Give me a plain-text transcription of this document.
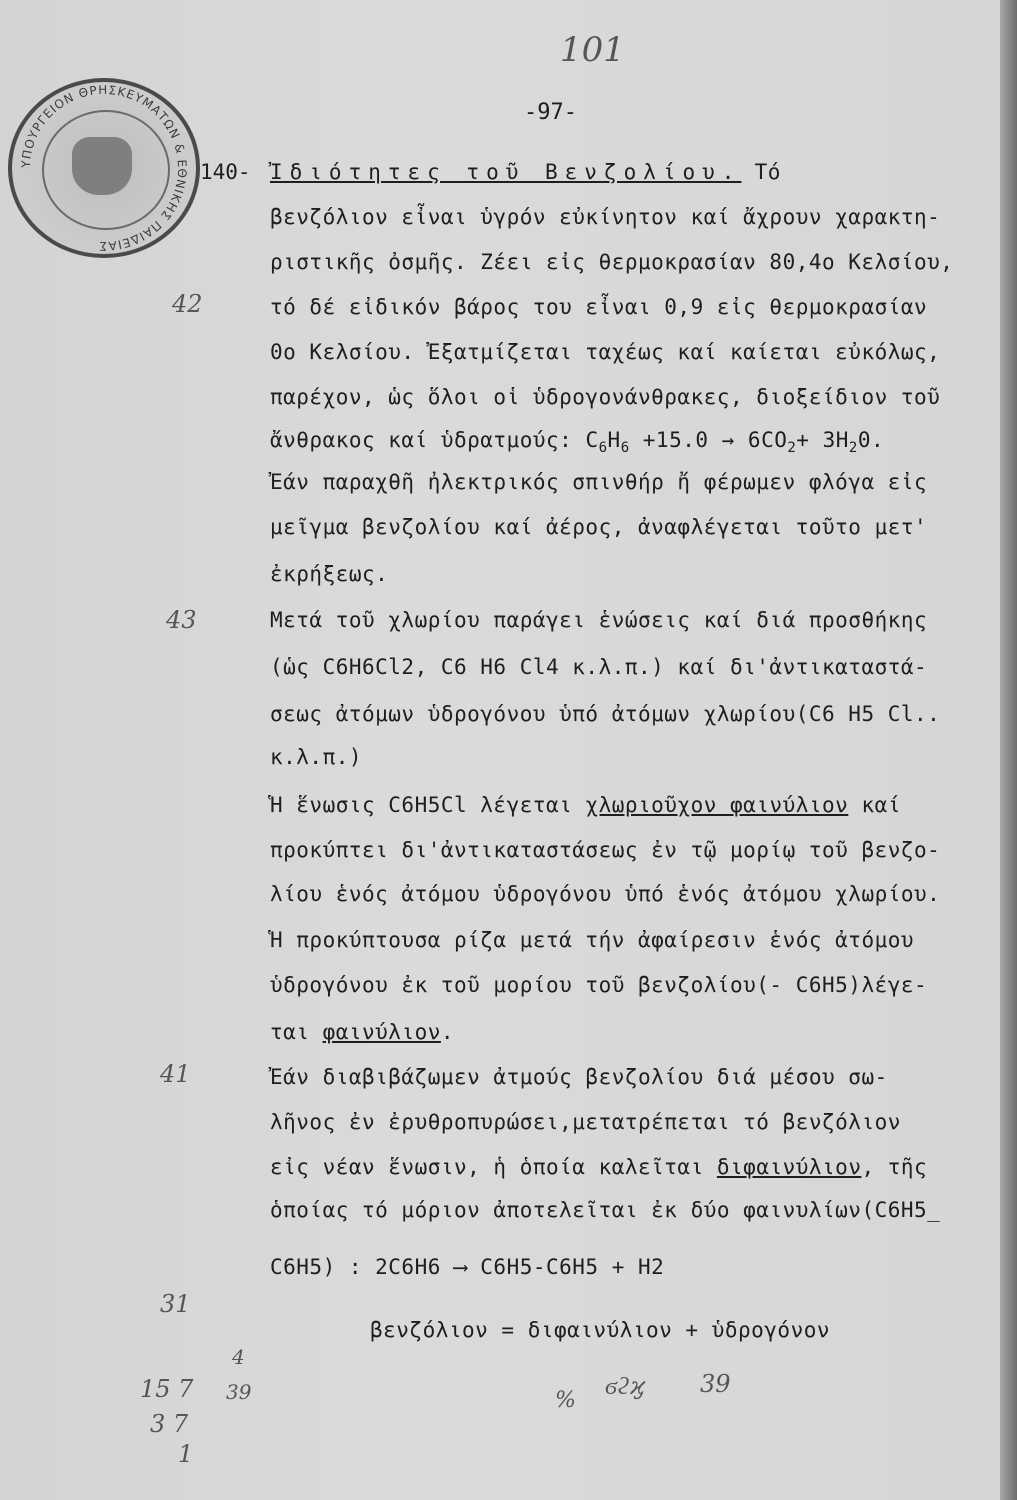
ΥΠΟΥΡΓΕΙΟΝ ΘΡΗΣΚΕΥΜΑΤΩΝ & ΕΘΝΙΚΗΣ ΠΑΙΔΕΙΑΣ
101
-97-
140- Ἰδιότητες τοῦ Βενζολίου. Τό
βενζόλιον εἶναι ὑγρόν εὐκίνητον καί ἄχρουν χαρακτη-
ριστικῆς ὀσμῆς. Ζέει εἰς θερμοκρασίαν 80,4ο Κελσίου,
τό δέ εἰδικόν βάρος του εἶναι 0,9 εἰς θερμοκρασίαν
0ο Κελσίου. Ἐξατμίζεται ταχέως καί καίεται εὐκόλως,
παρέχον, ὡς ὅλοι οἱ ὑδρογονάνθρακες, διοξείδιον τοῦ
ἄνθρακος καί ὑδρατμούς: $C_6H_6 +15.0 \to 6CO_2+ 3H_20$.
Ἐάν παραχθῆ ἠλεκτρικός σπινθήρ ἤ φέρωμεν φλόγα εἰς
μεῖγμα βενζολίου καί ἀέρος, ἀναφλέγεται τοῦτο μετ'
ἐκρήξεως.
Μετά τοῦ χλωρίου παράγει ἑνώσεις καί διά προσθήκης
(ὡς C6H6Cl2, C6 H6 Cl4 κ.λ.π.) καί δι'ἀντικαταστά-
σεως ἀτόμων ὑδρογόνου ὑπό ἀτόμων χλωρίου(C6 H5 Cl..
κ.λ.π.)
Ἡ ἕνωσις C6H5Cl λέγεται χλωριοῦχον φαινύλιον καί
προκύπτει δι'ἀντικαταστάσεως ἐν τῷ μορίῳ τοῦ βενζο-
λίου ἑνός ἀτόμου ὑδρογόνου ὑπό ἑνός ἀτόμου χλωρίου.
Ἡ προκύπτουσα ρίζα μετά τήν ἀφαίρεσιν ἑνός ἀτόμου
ὑδρογόνου ἐκ τοῦ μορίου τοῦ βενζολίου(- C6H5)λέγε-
ται φαινύλιον.
Ἐάν διαβιβάζωμεν ἀτμούς βενζολίου διά μέσου σω-
λῆνος ἐν ἐρυθροπυρώσει,μετατρέπεται τό βενζόλιον
εἰς νέαν ἕνωσιν, ἡ ὁποία καλεῖται διφαινύλιον, τῆς
ὁποίας τό μόριον ἀποτελεῖται ἐκ δύο φαινυλίων(C6H5_
C6H5) : 2C6H6 ⟶ C6H5-C6H5 + H2
βενζόλιον = διφαινύλιον + ὑδρογόνον
42
43
41
31
15 7
4
39
3 7
1
%
ϭϩϗ 39
